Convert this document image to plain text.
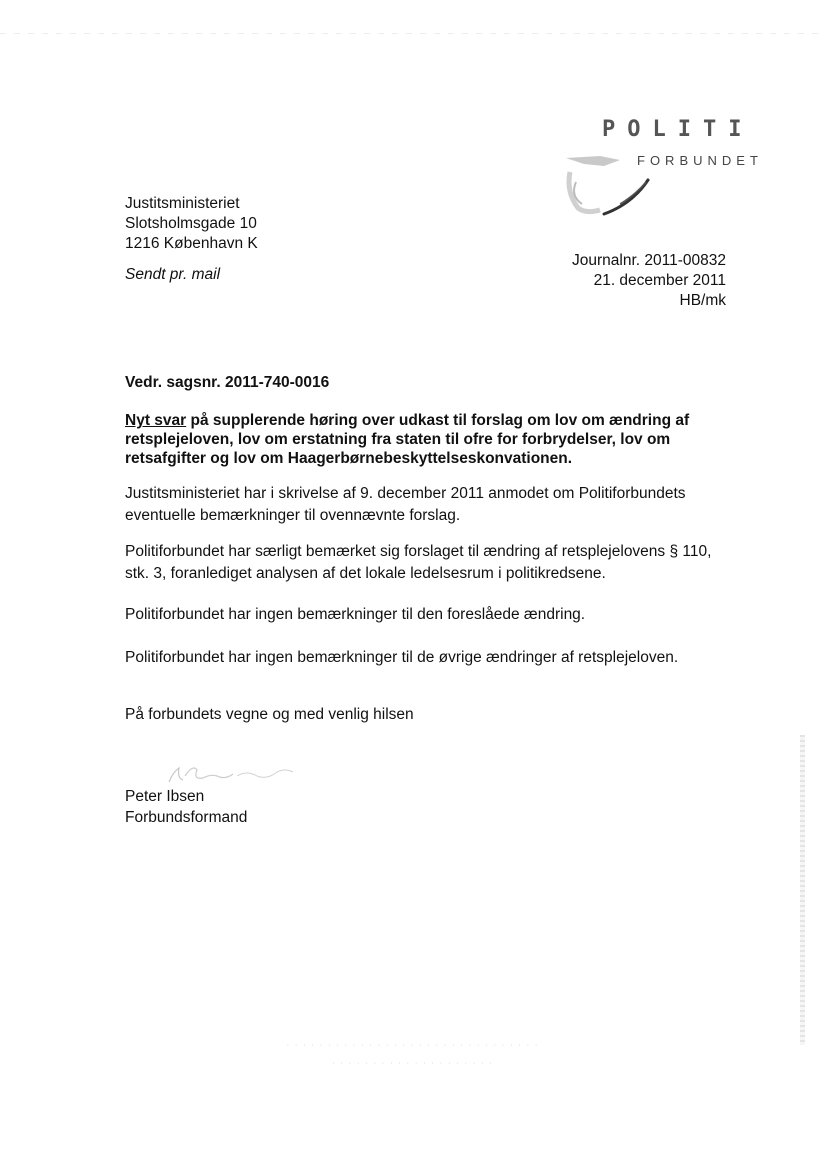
POLITI
FORBUNDET
Justitsministeriet
Slotsholmsgade 10
1216 København K
Sendt pr. mail
Journalnr. 2011-00832
21. december 2011
HB/mk
Vedr. sagsnr. 2011-740-0016
Nyt svar på supplerende høring over udkast til forslag om lov om ændring af retsplejeloven, lov om erstatning fra staten til ofre for forbrydelser, lov om retsafgifter og lov om Haagerbørnebeskyttelseskonvationen.
Justitsministeriet har i skrivelse af 9. december 2011 anmodet om Politiforbundets eventuelle bemærkninger til ovennævnte forslag.
Politiforbundet har særligt bemærket sig forslaget til ændring af retsplejelovens § 110, stk. 3, foranlediget analysen af det lokale ledelsesrum i politikredsene.
Politiforbundet har ingen bemærkninger til den foreslåede ændring.
Politiforbundet har ingen bemærkninger til de øvrige ændringer af retsplejeloven.
På forbundets vegne og med venlig hilsen
Peter Ibsen
Forbundsformand
· · · · · · · · · · · · · · · · · · · · · · · · · · · · · · ·
· · · · · · · · · · · · · · · · · · · ·
